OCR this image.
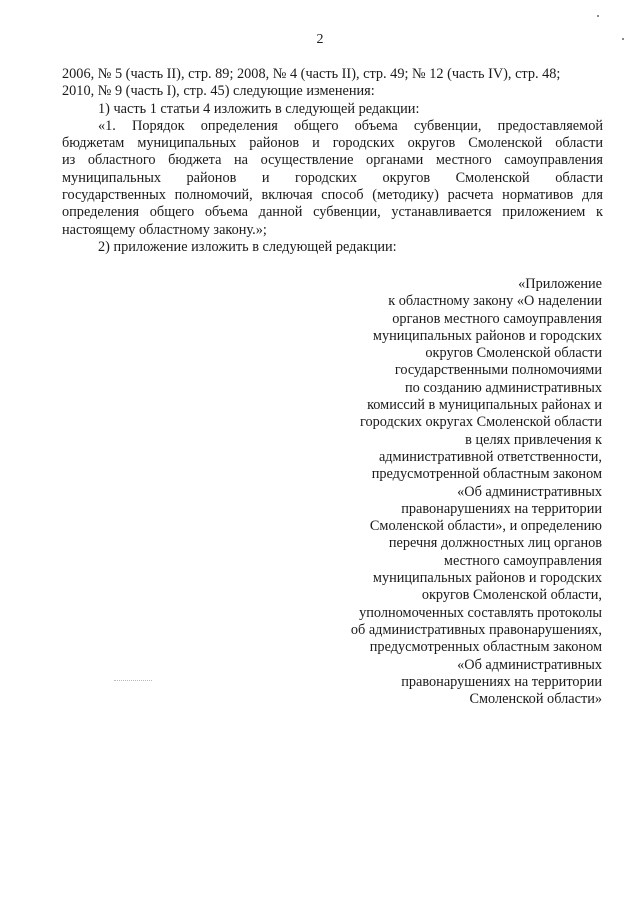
2
2006, № 5 (часть II), стр. 89; 2008, № 4 (часть II), стр. 49; № 12 (часть IV), стр. 48;
2010, № 9 (часть I), стр. 45) следующие изменения:
1) часть 1 статьи 4 изложить в следующей редакции:
«1. Порядок определения общего объема субвенции, предоставляемой
бюджетам муниципальных районов и городских округов Смоленской области
из областного бюджета на осуществление органами местного самоуправления
муниципальных районов и городских округов Смоленской области
государственных полномочий, включая способ (методику) расчета нормативов для
определения общего объема данной субвенции, устанавливается приложением к
настоящему областному закону.»;
2) приложение изложить в следующей редакции:
«Приложение
к областному закону «О наделении
органов местного самоуправления
муниципальных районов и городских
округов Смоленской области
государственными полномочиями
по созданию административных
комиссий в муниципальных районах и
городских округах Смоленской области
в целях привлечения к
административной ответственности,
предусмотренной областным законом
«Об административных
правонарушениях на территории
Смоленской области», и определению
перечня должностных лиц органов
местного самоуправления
муниципальных районов и городских
округов Смоленской области,
уполномоченных составлять протоколы
об административных правонарушениях,
предусмотренных областным законом
«Об административных
правонарушениях на территории
Смоленской области»
